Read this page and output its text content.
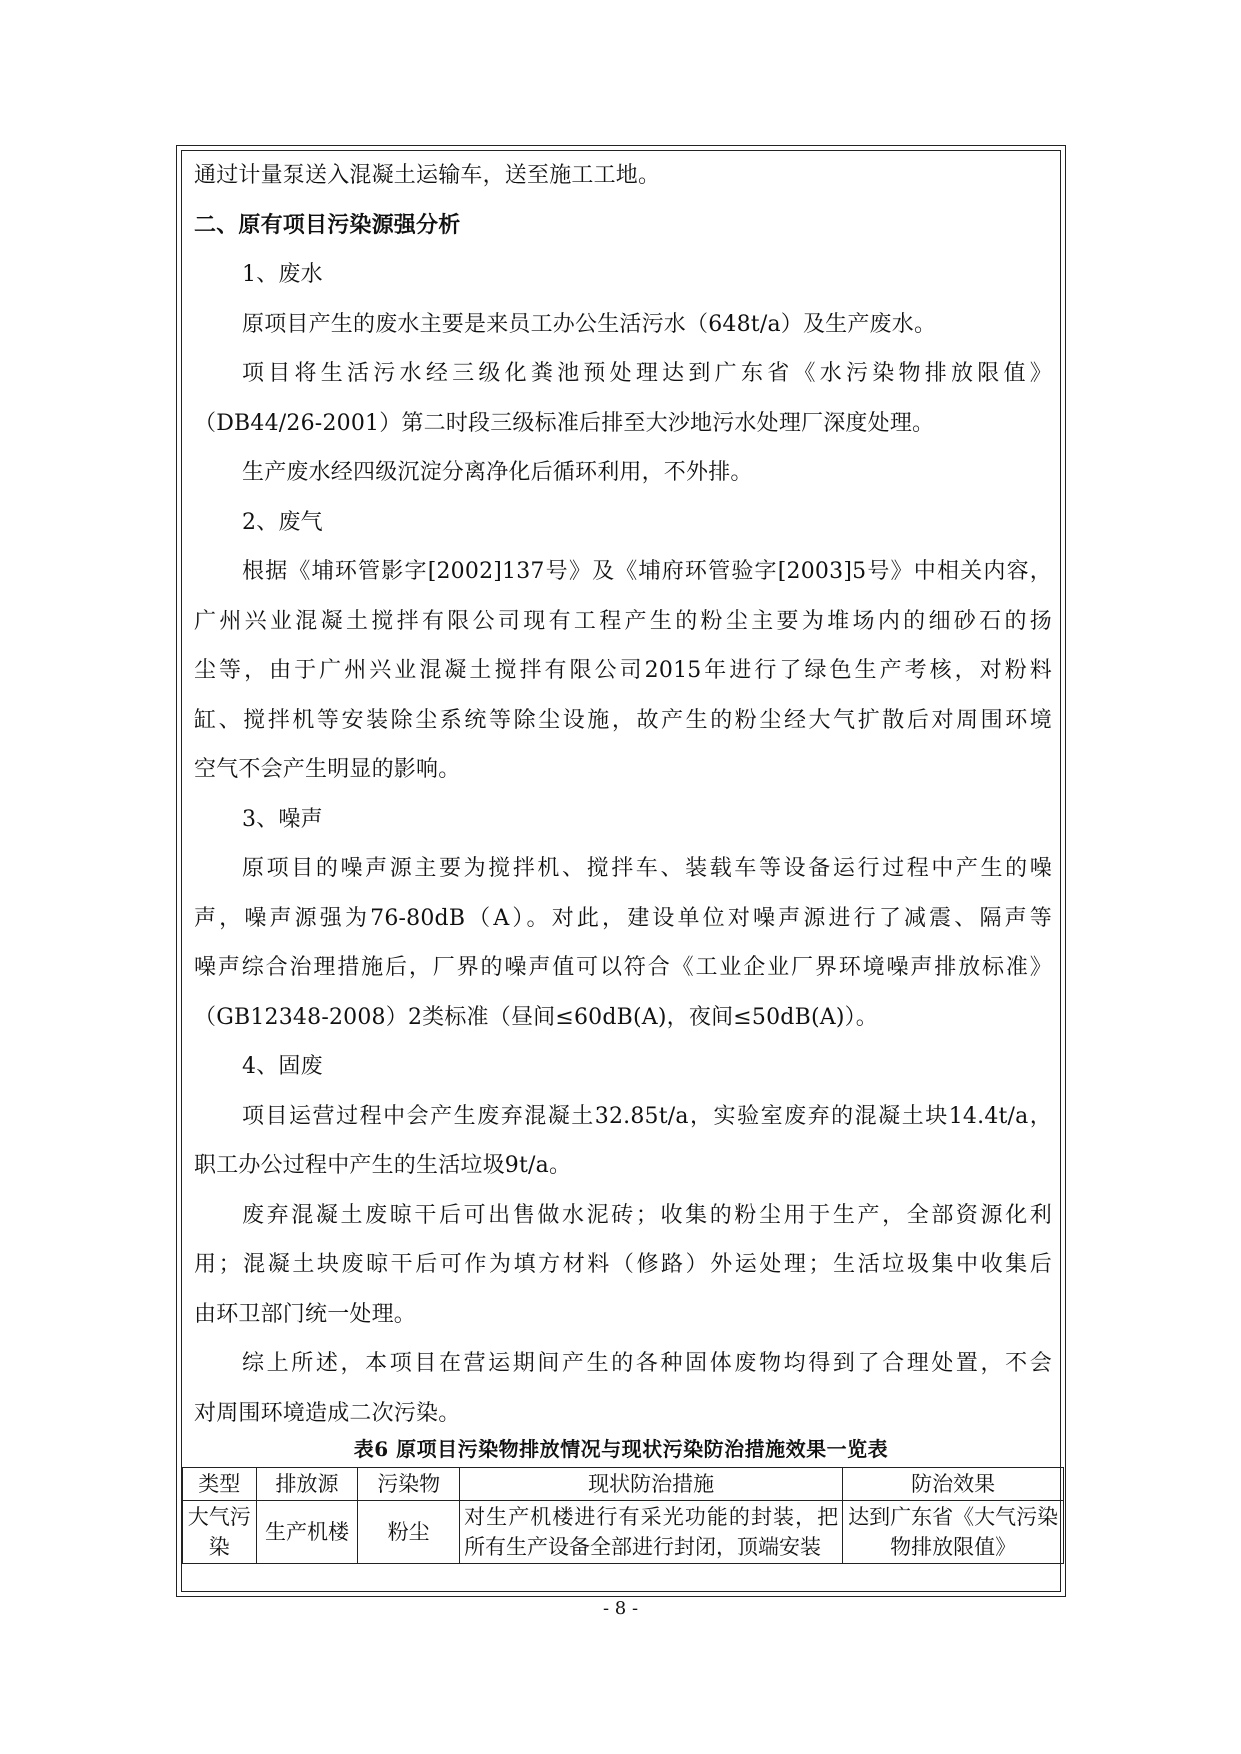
通过计量泵送入混凝土运输车，送至施工工地。
二、原有项目污染源强分析
1、废水
原项目产生的废水主要是来员工办公生活污水（648t/a）及生产废水。
项目将生活污水经三级化粪池预处理达到广东省《水污染物排放限值》
（DB44/26-2001）第二时段三级标准后排至大沙地污水处理厂深度处理。
生产废水经四级沉淀分离净化后循环利用，不外排。
2、废气
根据《埔环管影字[2002]137号》及《埔府环管验字[2003]5号》中相关内容，
广州兴业混凝土搅拌有限公司现有工程产生的粉尘主要为堆场内的细砂石的扬
尘等，由于广州兴业混凝土搅拌有限公司2015年进行了绿色生产考核，对粉料
缸、搅拌机等安装除尘系统等除尘设施，故产生的粉尘经大气扩散后对周围环境
空气不会产生明显的影响。
3、噪声
原项目的噪声源主要为搅拌机、搅拌车、装载车等设备运行过程中产生的噪
声，噪声源强为76-80dB（A）。对此，建设单位对噪声源进行了减震、隔声等
噪声综合治理措施后，厂界的噪声值可以符合《工业企业厂界环境噪声排放标准》
（GB12348-2008）2类标准（昼间≤60dB(A)，夜间≤50dB(A)）。
4、固废
项目运营过程中会产生废弃混凝土32.85t/a，实验室废弃的混凝土块14.4t/a，
职工办公过程中产生的生活垃圾9t/a。
废弃混凝土废晾干后可出售做水泥砖；收集的粉尘用于生产，全部资源化利
用；混凝土块废晾干后可作为填方材料（修路）外运处理；生活垃圾集中收集后
由环卫部门统一处理。
综上所述，本项目在营运期间产生的各种固体废物均得到了合理处置，不会
对周围环境造成二次污染。
表6 原项目污染物排放情况与现状污染防治措施效果一览表
类型	排放源	污染物	现状防治措施	防治效果
大气污染	生产机楼	粉尘	对生产机楼进行有采光功能的封装，把所有生产设备全部进行封闭，顶端安装	达到广东省《大气污染物排放限值》
- 8 -
